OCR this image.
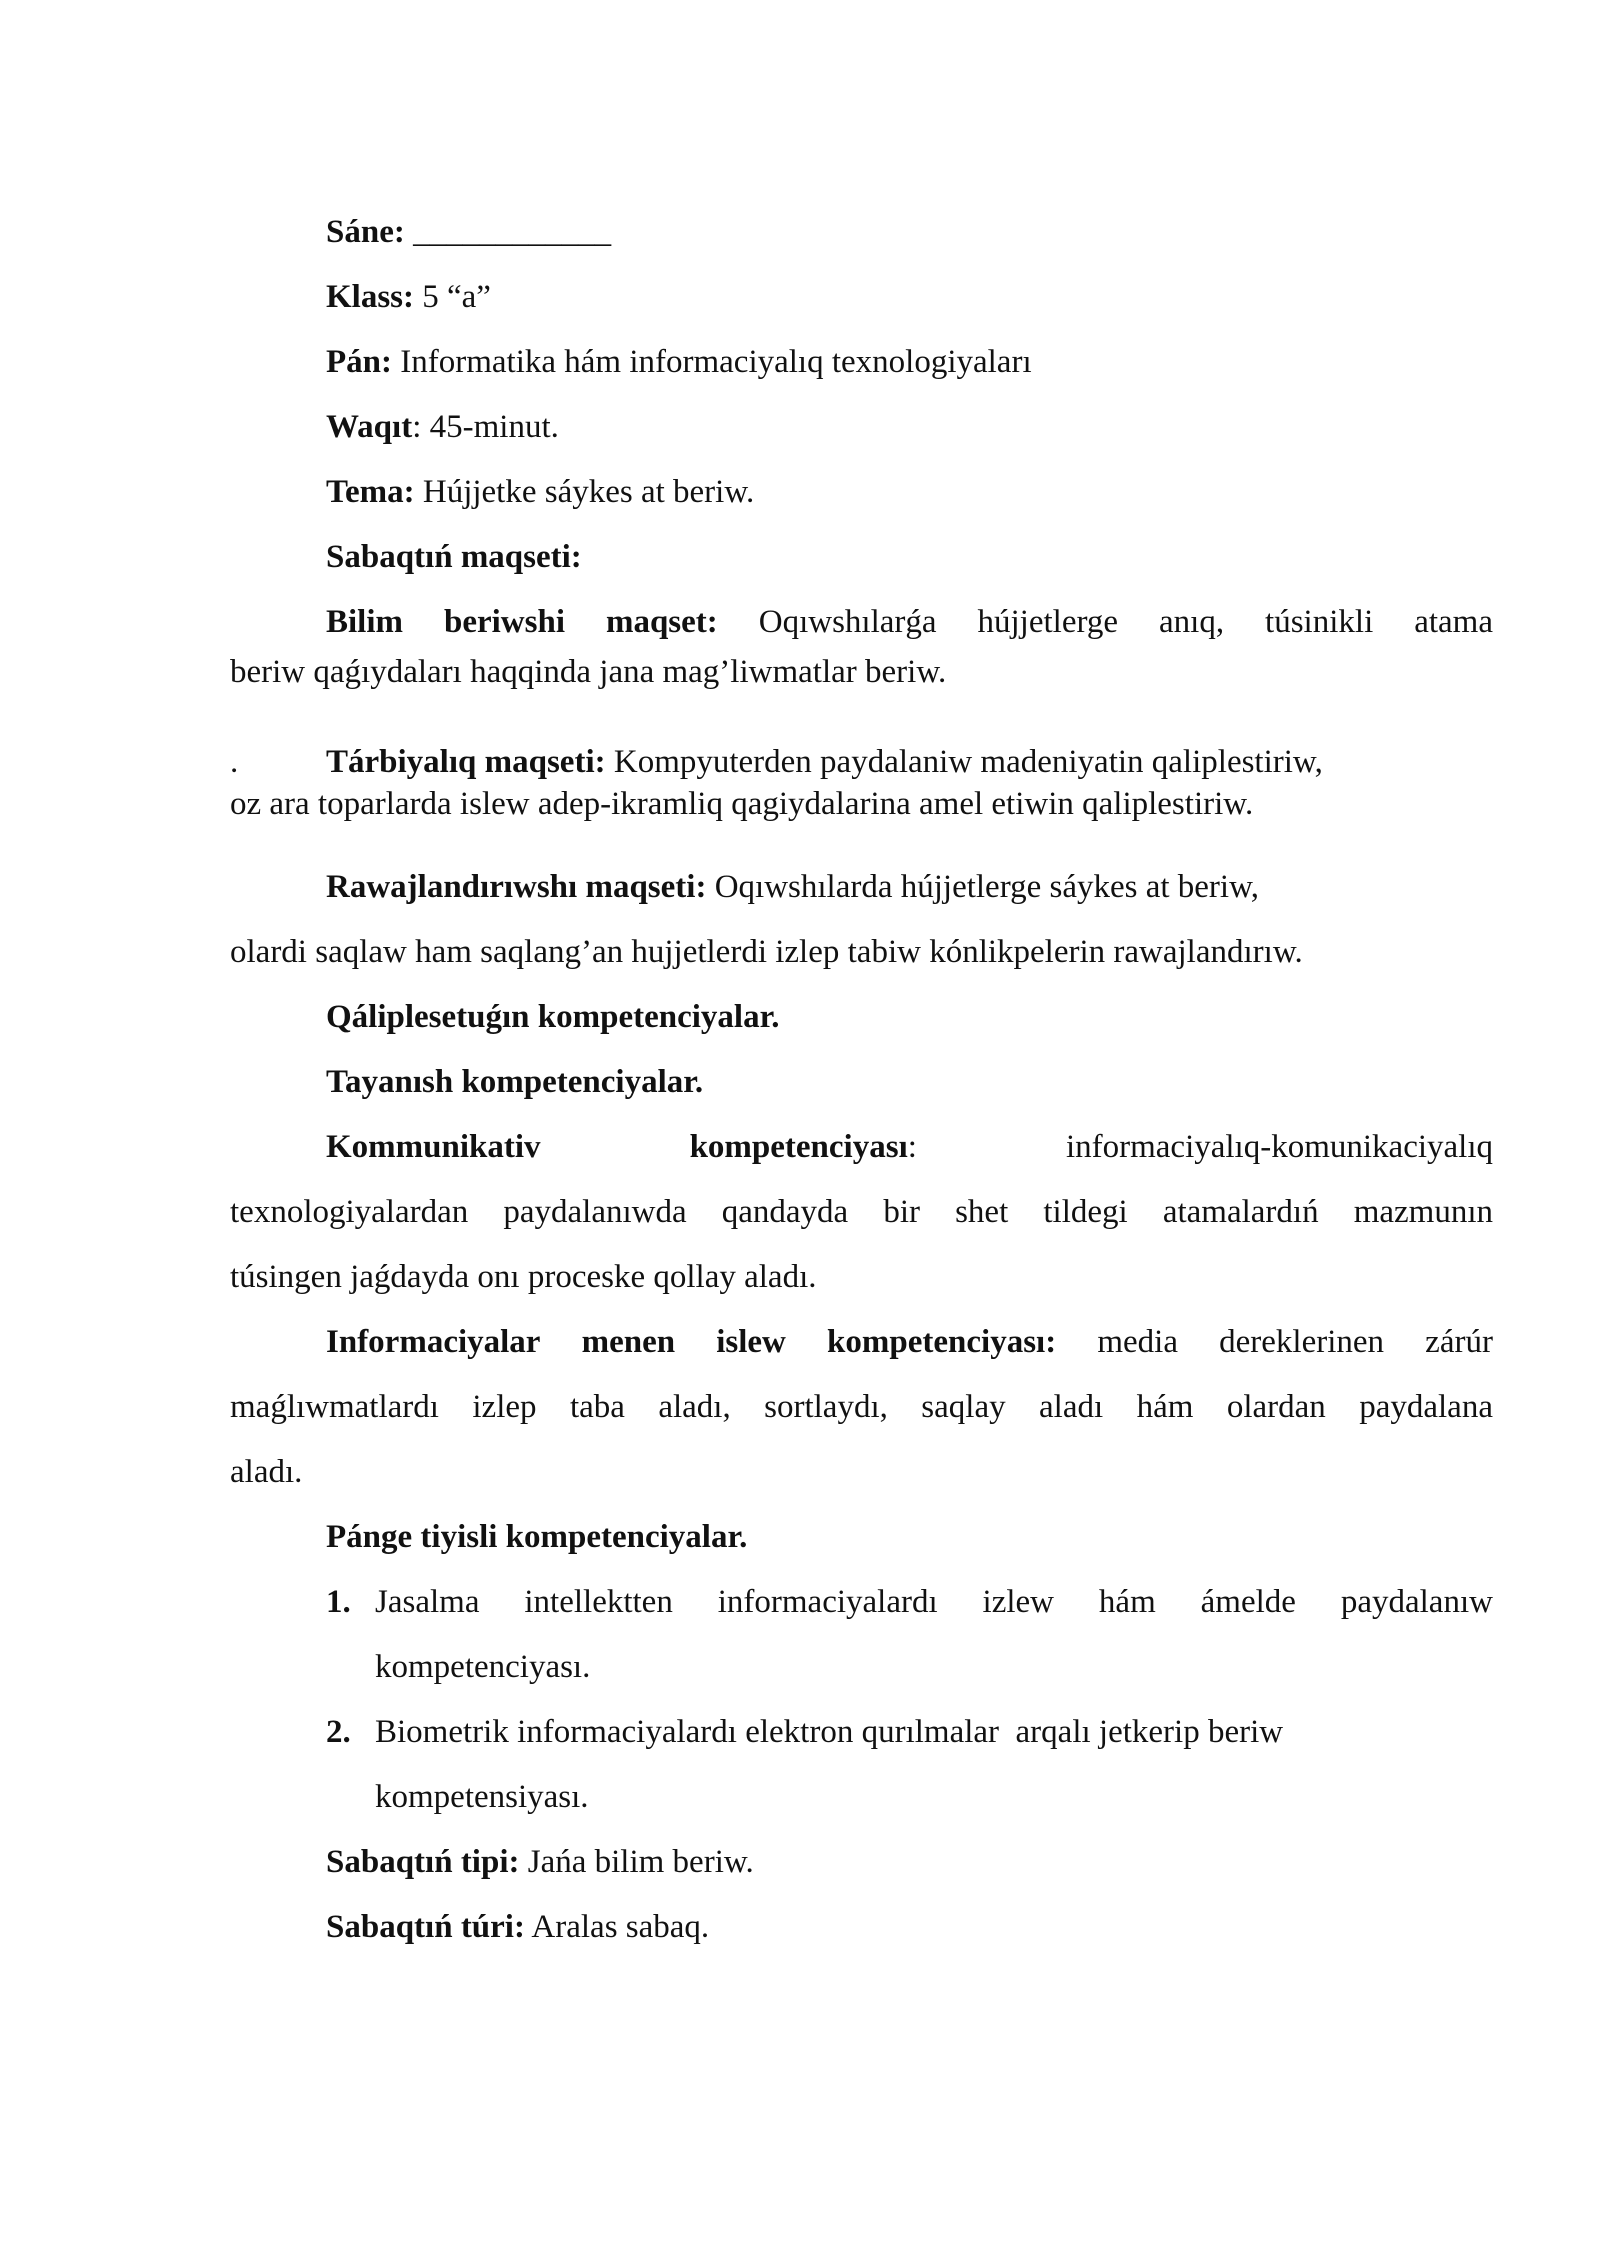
Sáne: ____________
Klass: 5 “a”
Pán: Informatika hám informaciyalıq texnologiyaları
Waqıt: 45-minut.
Tema: Hújjetke sáykes at beriw.
Sabaqtıń maqseti:
Bilim beriwshi maqset: Oqıwshılarǵa hújjetlerge anıq, túsinikli atama
beriw qaǵıydaları haqqinda jana mag’liwmatlar beriw.
.	Tárbiyalıq maqseti: Kompyuterden paydalaniw madeniyatin qaliplestiriw,
oz ara toparlarda islew adep-ikramliq qagiydalarina amel etiwin qaliplestiriw.
Rawajlandırıwshı maqseti: Oqıwshılarda hújjetlerge sáykes at beriw,
olardi saqlaw ham saqlang’an hujjetlerdi izlep tabiw kónlikpelerin rawajlandırıw.
Qáliplesetuǵın kompetenciyalar.
Tayanısh kompetenciyalar.
Kommunikativ	kompetenciyası:	informaciyalıq-komunikaciyalıq
texnologiyalardan paydalanıwda qandayda bir shet tildegi atamalardıń mazmunın
túsingen jaǵdayda onı proceske qollay aladı.
Informaciyalar menen islew kompetenciyası: media dereklerinen zárúr
maǵlıwmatlardı izlep taba aladı, sortlaydı, saqlay aladı hám olardan paydalana
aladı.
Pánge tiyisli kompetenciyalar.
1. Jasalma intellektten informaciyalardı izlew hám ámelde paydalanıw
kompetenciyası.
2. Biometrik informaciyalardı elektron qurılmalar  arqalı jetkerip beriw
kompetensiyası.
Sabaqtıń tipi: Jańa bilim beriw.
Sabaqtıń túri: Aralas sabaq.
